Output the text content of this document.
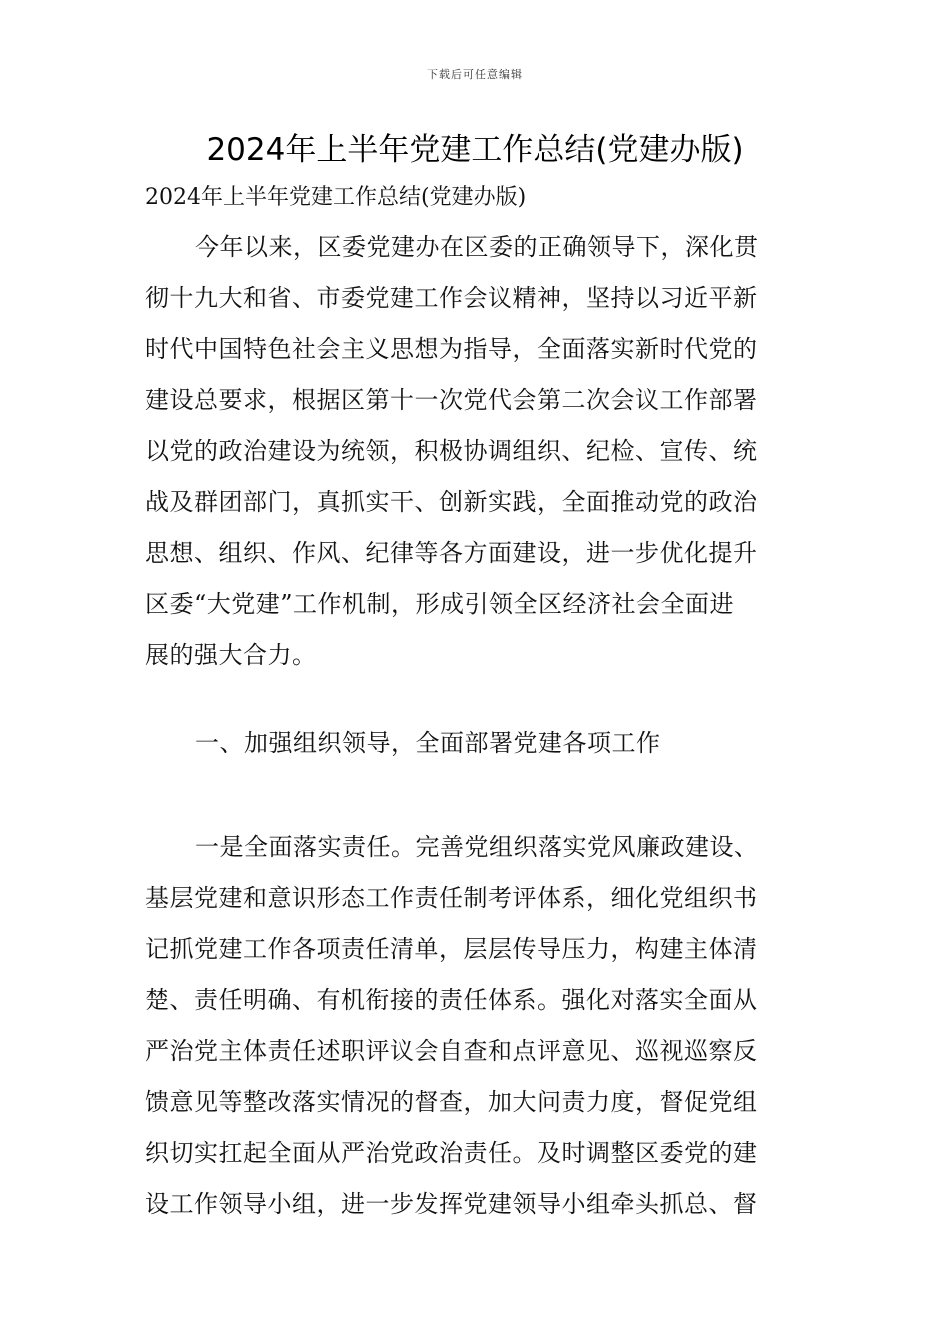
下载后可任意编辑
2024年上半年党建工作总结(党建办版)
2024年上半年党建工作总结(党建办版)
今年以来，区委党建办在区委的正确领导下，深化贯
彻十九大和省、市委党建工作会议精神，坚持以习近平新
时代中国特色社会主义思想为指导，全面落实新时代党的
建设总要求，根据区第十一次党代会第二次会议工作部署
以党的政治建设为统领，积极协调组织、纪检、宣传、统
战及群团部门，真抓实干、创新实践，全面推动党的政治
思想、组织、作风、纪律等各方面建设，进一步优化提升
区委“大党建”工作机制，形成引领全区经济社会全面进
展的强大合力。
一、加强组织领导，全面部署党建各项工作
一是全面落实责任。完善党组织落实党风廉政建设、
基层党建和意识形态工作责任制考评体系，细化党组织书
记抓党建工作各项责任清单，层层传导压力，构建主体清
楚、责任明确、有机衔接的责任体系。强化对落实全面从
严治党主体责任述职评议会自查和点评意见、巡视巡察反
馈意见等整改落实情况的督查，加大问责力度，督促党组
织切实扛起全面从严治党政治责任。及时调整区委党的建
设工作领导小组，进一步发挥党建领导小组牵头抓总、督
